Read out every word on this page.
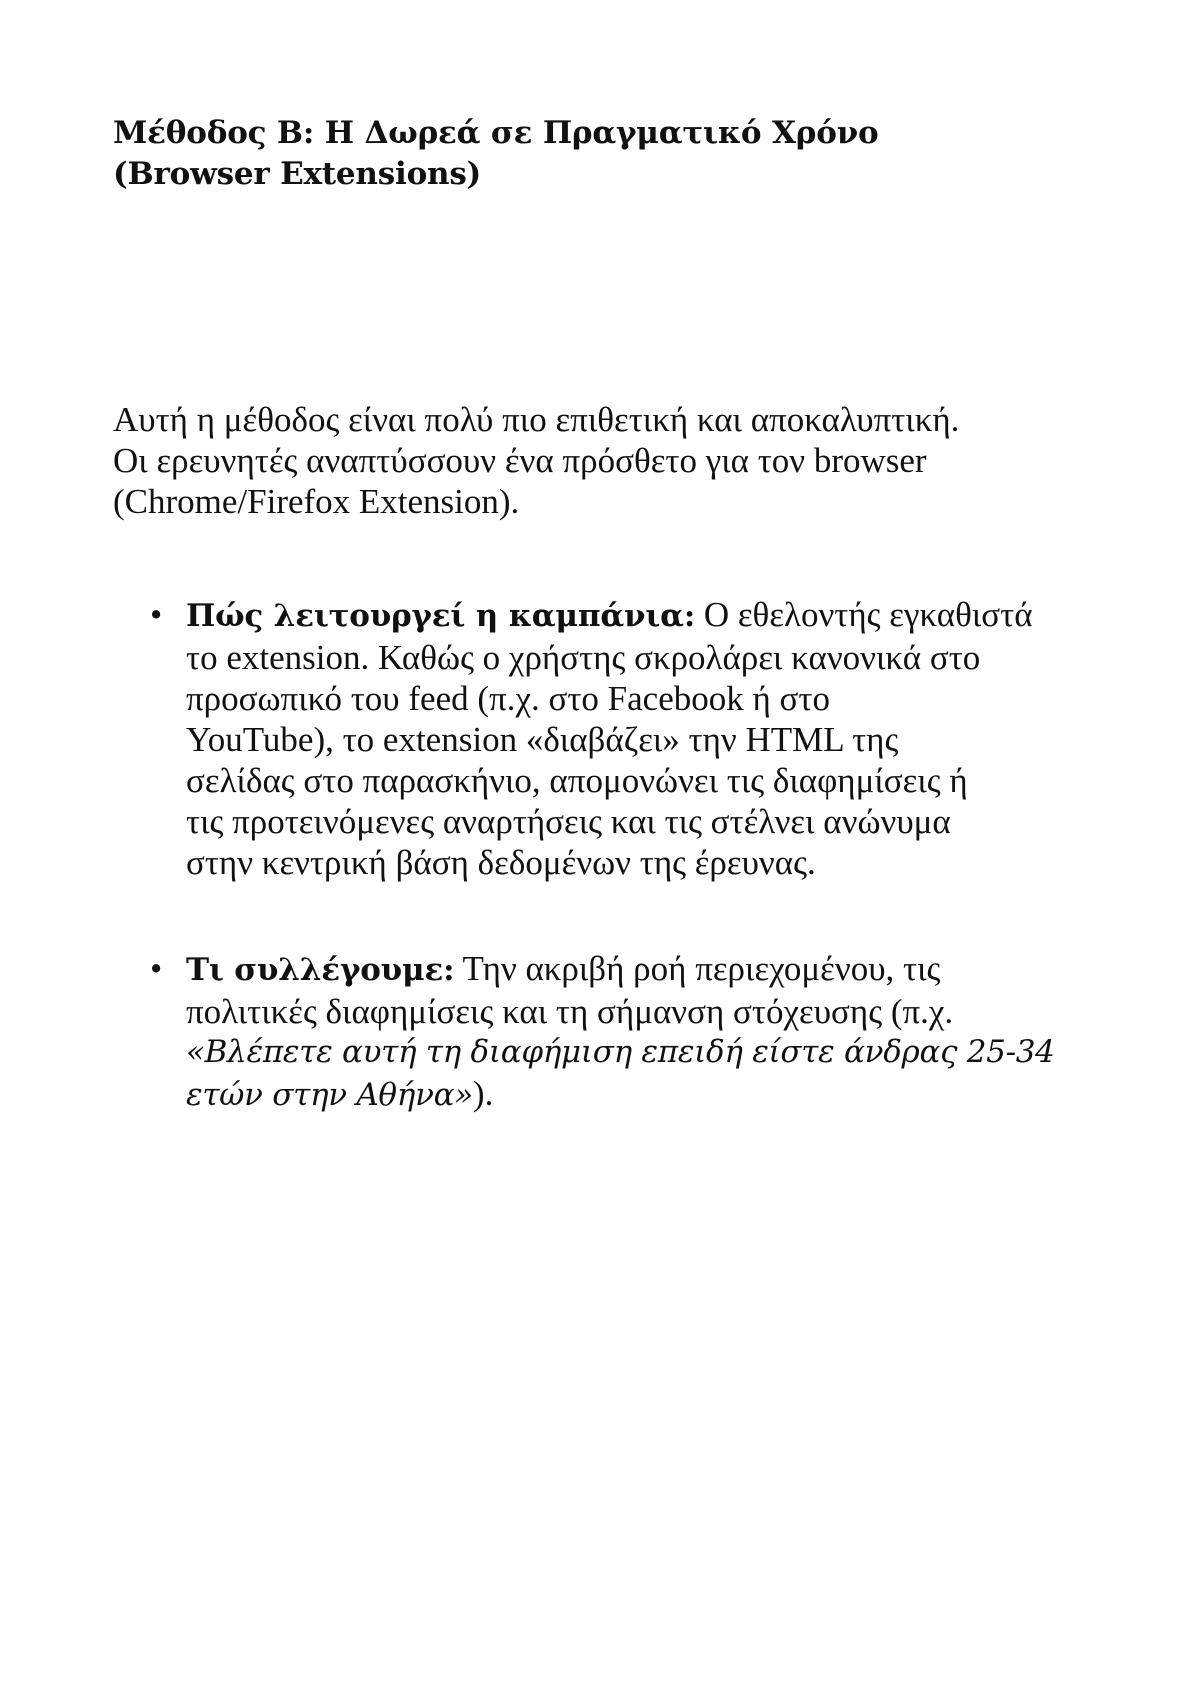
Μέθοδος Β: Η Δωρεά σε Πραγματικό Χρόνο
(Browser Extensions)

Αυτή η μέθοδος είναι πολύ πιο επιθετική και αποκαλυπτική.
Οι ερευνητές αναπτύσσουν ένα πρόσθετο για τον browser
(Chrome/Firefox Extension).

• Πώς λειτουργεί η καμπάνια: Ο εθελοντής εγκαθιστά
το extension. Καθώς ο χρήστης σκρολάρει κανονικά στο
προσωπικό του feed (π.χ. στο Facebook ή στο
YouTube), το extension «διαβάζει» την HTML της
σελίδας στο παρασκήνιο, απομονώνει τις διαφημίσεις ή
τις προτεινόμενες αναρτήσεις και τις στέλνει ανώνυμα
στην κεντρική βάση δεδομένων της έρευνας.
• Τι συλλέγουμε: Την ακριβή ροή περιεχομένου, τις
πολιτικές διαφημίσεις και τη σήμανση στόχευσης (π.χ.
«Βλέπετε αυτή τη διαφήμιση επειδή είστε άνδρας 25-34
ετών στην Αθήνα»).
